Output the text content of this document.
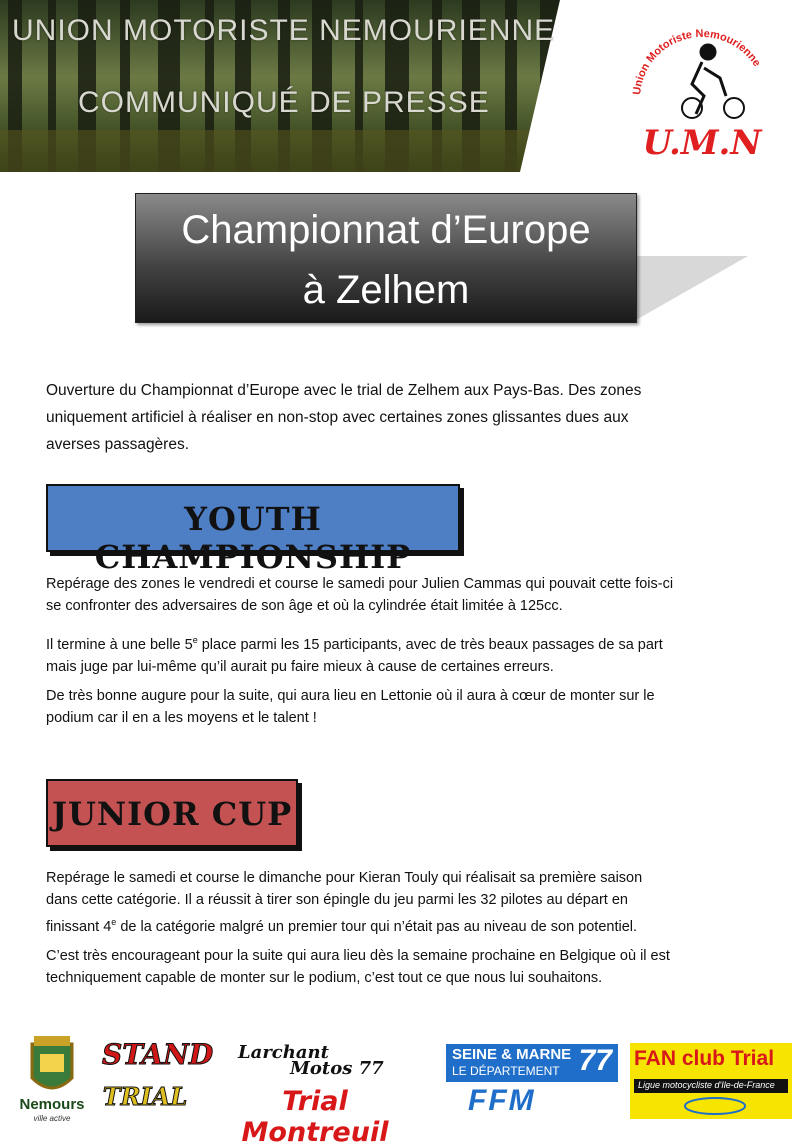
UNION MOTORISTE NEMOURIENNE
COMMUNIQUÉ DE PRESSE	Union Motoriste Nemourienne
U.M.N
Championnat d’Europe
à Zelhem
Ouverture du Championnat d’Europe avec le trial de Zelhem aux Pays-Bas. Des zones
uniquement artificiel à réaliser en non-stop avec certaines zones glissantes dues aux
averses passagères.
YOUTH CHAMPIONSHIP
Repérage des zones le vendredi et course le samedi pour Julien Cammas qui pouvait cette fois-ci
se confronter des adversaires de son âge et où la cylindrée était limitée à 125cc.
Il termine à une belle 5e place parmi les 15 participants, avec de très beaux passages de sa part
mais juge par lui-même qu’il aurait pu faire mieux à cause de certaines erreurs.
De très bonne augure pour la suite, qui aura lieu en Lettonie où il aura à cœur de monter sur le
podium car il en a les moyens et le talent !
JUNIOR CUP
Repérage le samedi et course le dimanche pour Kieran Touly qui réalisait sa première saison
dans cette catégorie. Il a réussit à tirer son épingle du jeu parmi les 32 pilotes au départ en
finissant 4e de la catégorie malgré un premier tour qui n’était pas au niveau de son potentiel.
C’est très encourageant pour la suite qui aura lieu dès la semaine prochaine en Belgique où il est
techniquement capable de monter sur le podium, c’est tout ce que nous lui souhaitons.
Nemours
ville active
STAND
TRIAL
Larchant
Motos 77
Trial Montreuil
SEINE & MARNE
LE DÉPARTEMENT 77
FFM
FAN club Trial
Ligue motocycliste d'Ile-de-France
